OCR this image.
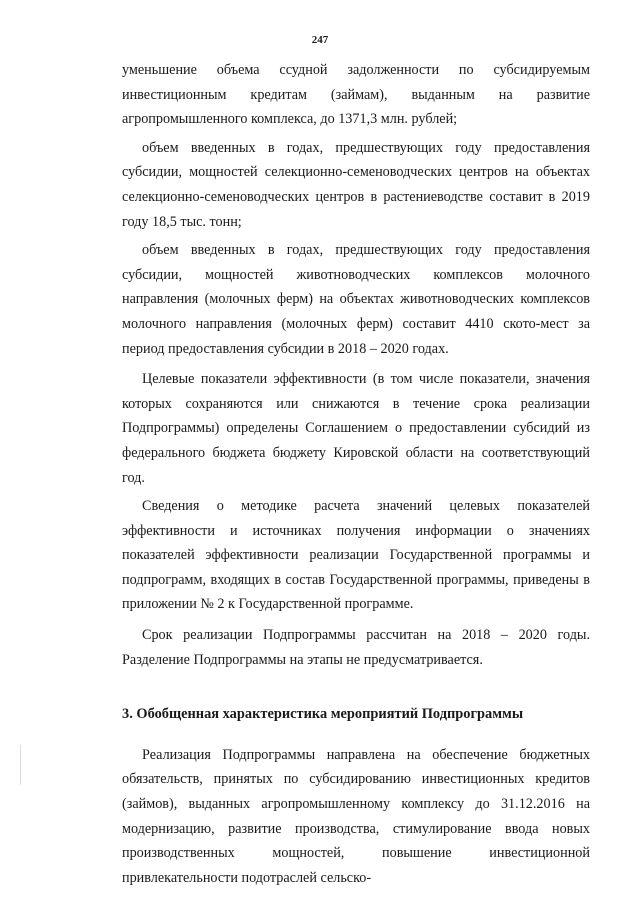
247

уменьшение объема ссудной задолженности по субсидируемым инвестиционным кредитам (займам), выданным на развитие агропромышленного комплекса, до 1371,3 млн. рублей;

объем введенных в годах, предшествующих году предоставления субсидии, мощностей селекционно-семеноводческих центров на объектах селекционно-семеноводческих центров в растениеводстве составит в 2019 году 18,5 тыс. тонн;

объем введенных в годах, предшествующих году предоставления субсидии, мощностей животноводческих комплексов молочного направления (молочных ферм) на объектах животноводческих комплексов молочного направления (молочных ферм) составит 4410 ското-мест за период предоставления субсидии в 2018 – 2020 годах.

Целевые показатели эффективности (в том числе показатели, значения которых сохраняются или снижаются в течение срока реализации Подпрограммы) определены Соглашением о предоставлении субсидий из федерального бюджета бюджету Кировской области на соответствующий год.

Сведения о методике расчета значений целевых показателей эффективности и источниках получения информации о значениях показателей эффективности реализации Государственной программы и подпрограмм, входящих в состав Государственной программы, приведены в приложении № 2 к Государственной программе.

Срок реализации Подпрограммы рассчитан на 2018 – 2020 годы. Разделение Подпрограммы на этапы не предусматривается.

3. Обобщенная характеристика мероприятий Подпрограммы

Реализация Подпрограммы направлена на обеспечение бюджетных обязательств, принятых по субсидированию инвестиционных кредитов (займов), выданных агропромышленному комплексу до 31.12.2016 на модернизацию, развитие производства, стимулирование ввода новых производственных мощностей, повышение инвестиционной привлекательности подотраслей сельско-
